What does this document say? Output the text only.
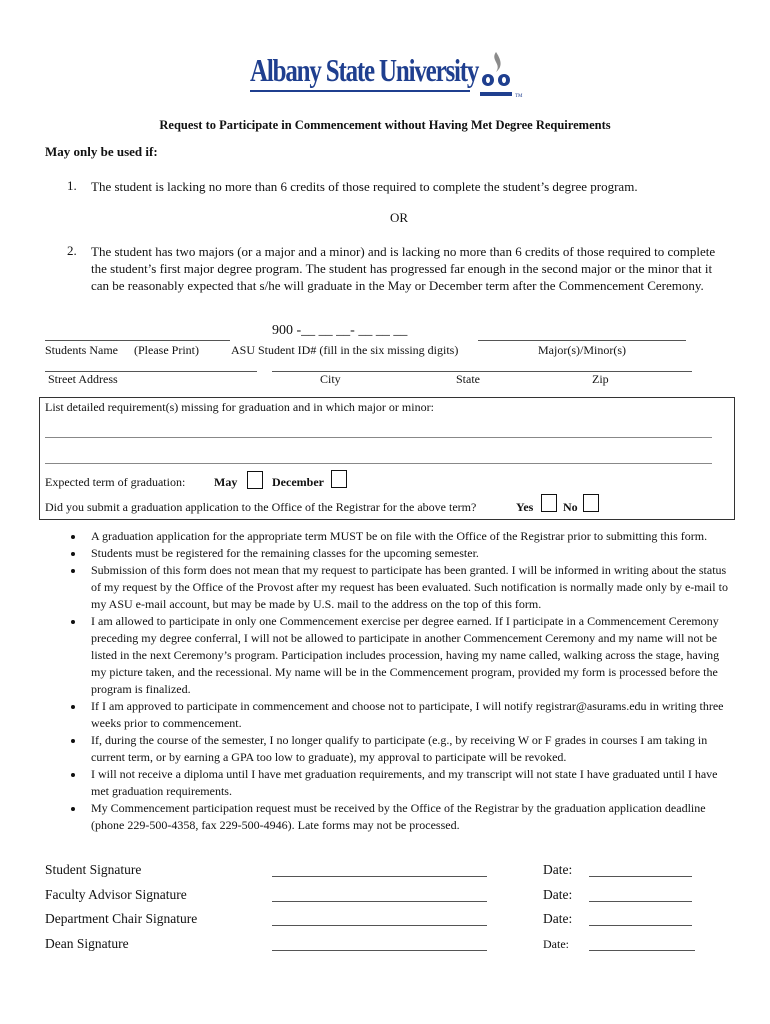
Albany State University
TM
Request to Participate in Commencement without Having Met Degree Requirements
May only be used if:
1. The student is lacking no more than 6 credits of those required to complete the student’s degree program.
OR
2. The student has two majors (or a major and a minor) and is lacking no more than 6 credits of those required to complete the student’s first major degree program. The student has progressed far enough in the second major or the minor that it can be reasonably expected that s/he will graduate in the May or December term after the Commencement Ceremony.
900 -__ __ __- __ __ __
Students Name (Please Print)	ASU Student ID# (fill in the six missing digits)	Major(s)/Minor(s)
Street Address	City	State	Zip
List detailed requirement(s) missing for graduation and in which major or minor:
Expected term of graduation: May	December
Did you submit a graduation application to the Office of the Registrar for the above term?	Yes No
• A graduation application for the appropriate term MUST be on file with the Office of the Registrar prior to submitting this form.
• Students must be registered for the remaining classes for the upcoming semester.
• Submission of this form does not mean that my request to participate has been granted. I will be informed in writing about the status of my request by the Office of the Provost after my request has been evaluated. Such notification is normally made only by e-mail to my ASU e-mail account, but may be made by U.S. mail to the address on the top of this form.
• I am allowed to participate in only one Commencement exercise per degree earned. If I participate in a Commencement Ceremony preceding my degree conferral, I will not be allowed to participate in another Commencement Ceremony and my name will not be listed in the next Ceremony’s program. Participation includes procession, having my name called, walking across the stage, having my picture taken, and the recessional. My name will be in the Commencement program, provided my form is processed before the program is finalized.
• If I am approved to participate in commencement and choose not to participate, I will notify registrar@asurams.edu in writing three weeks prior to commencement.
• If, during the course of the semester, I no longer qualify to participate (e.g., by receiving W or F grades in courses I am taking in current term, or by earning a GPA too low to graduate), my approval to participate will be revoked.
• I will not receive a diploma until I have met graduation requirements, and my transcript will not state I have graduated until I have met graduation requirements.
• My Commencement participation request must be received by the Office of the Registrar by the graduation application deadline (phone 229-500-4358, fax 229-500-4946). Late forms may not be processed.
Student Signature	Date:
Faculty Advisor Signature	Date:
Department Chair Signature	Date:
Dean Signature	Date:
